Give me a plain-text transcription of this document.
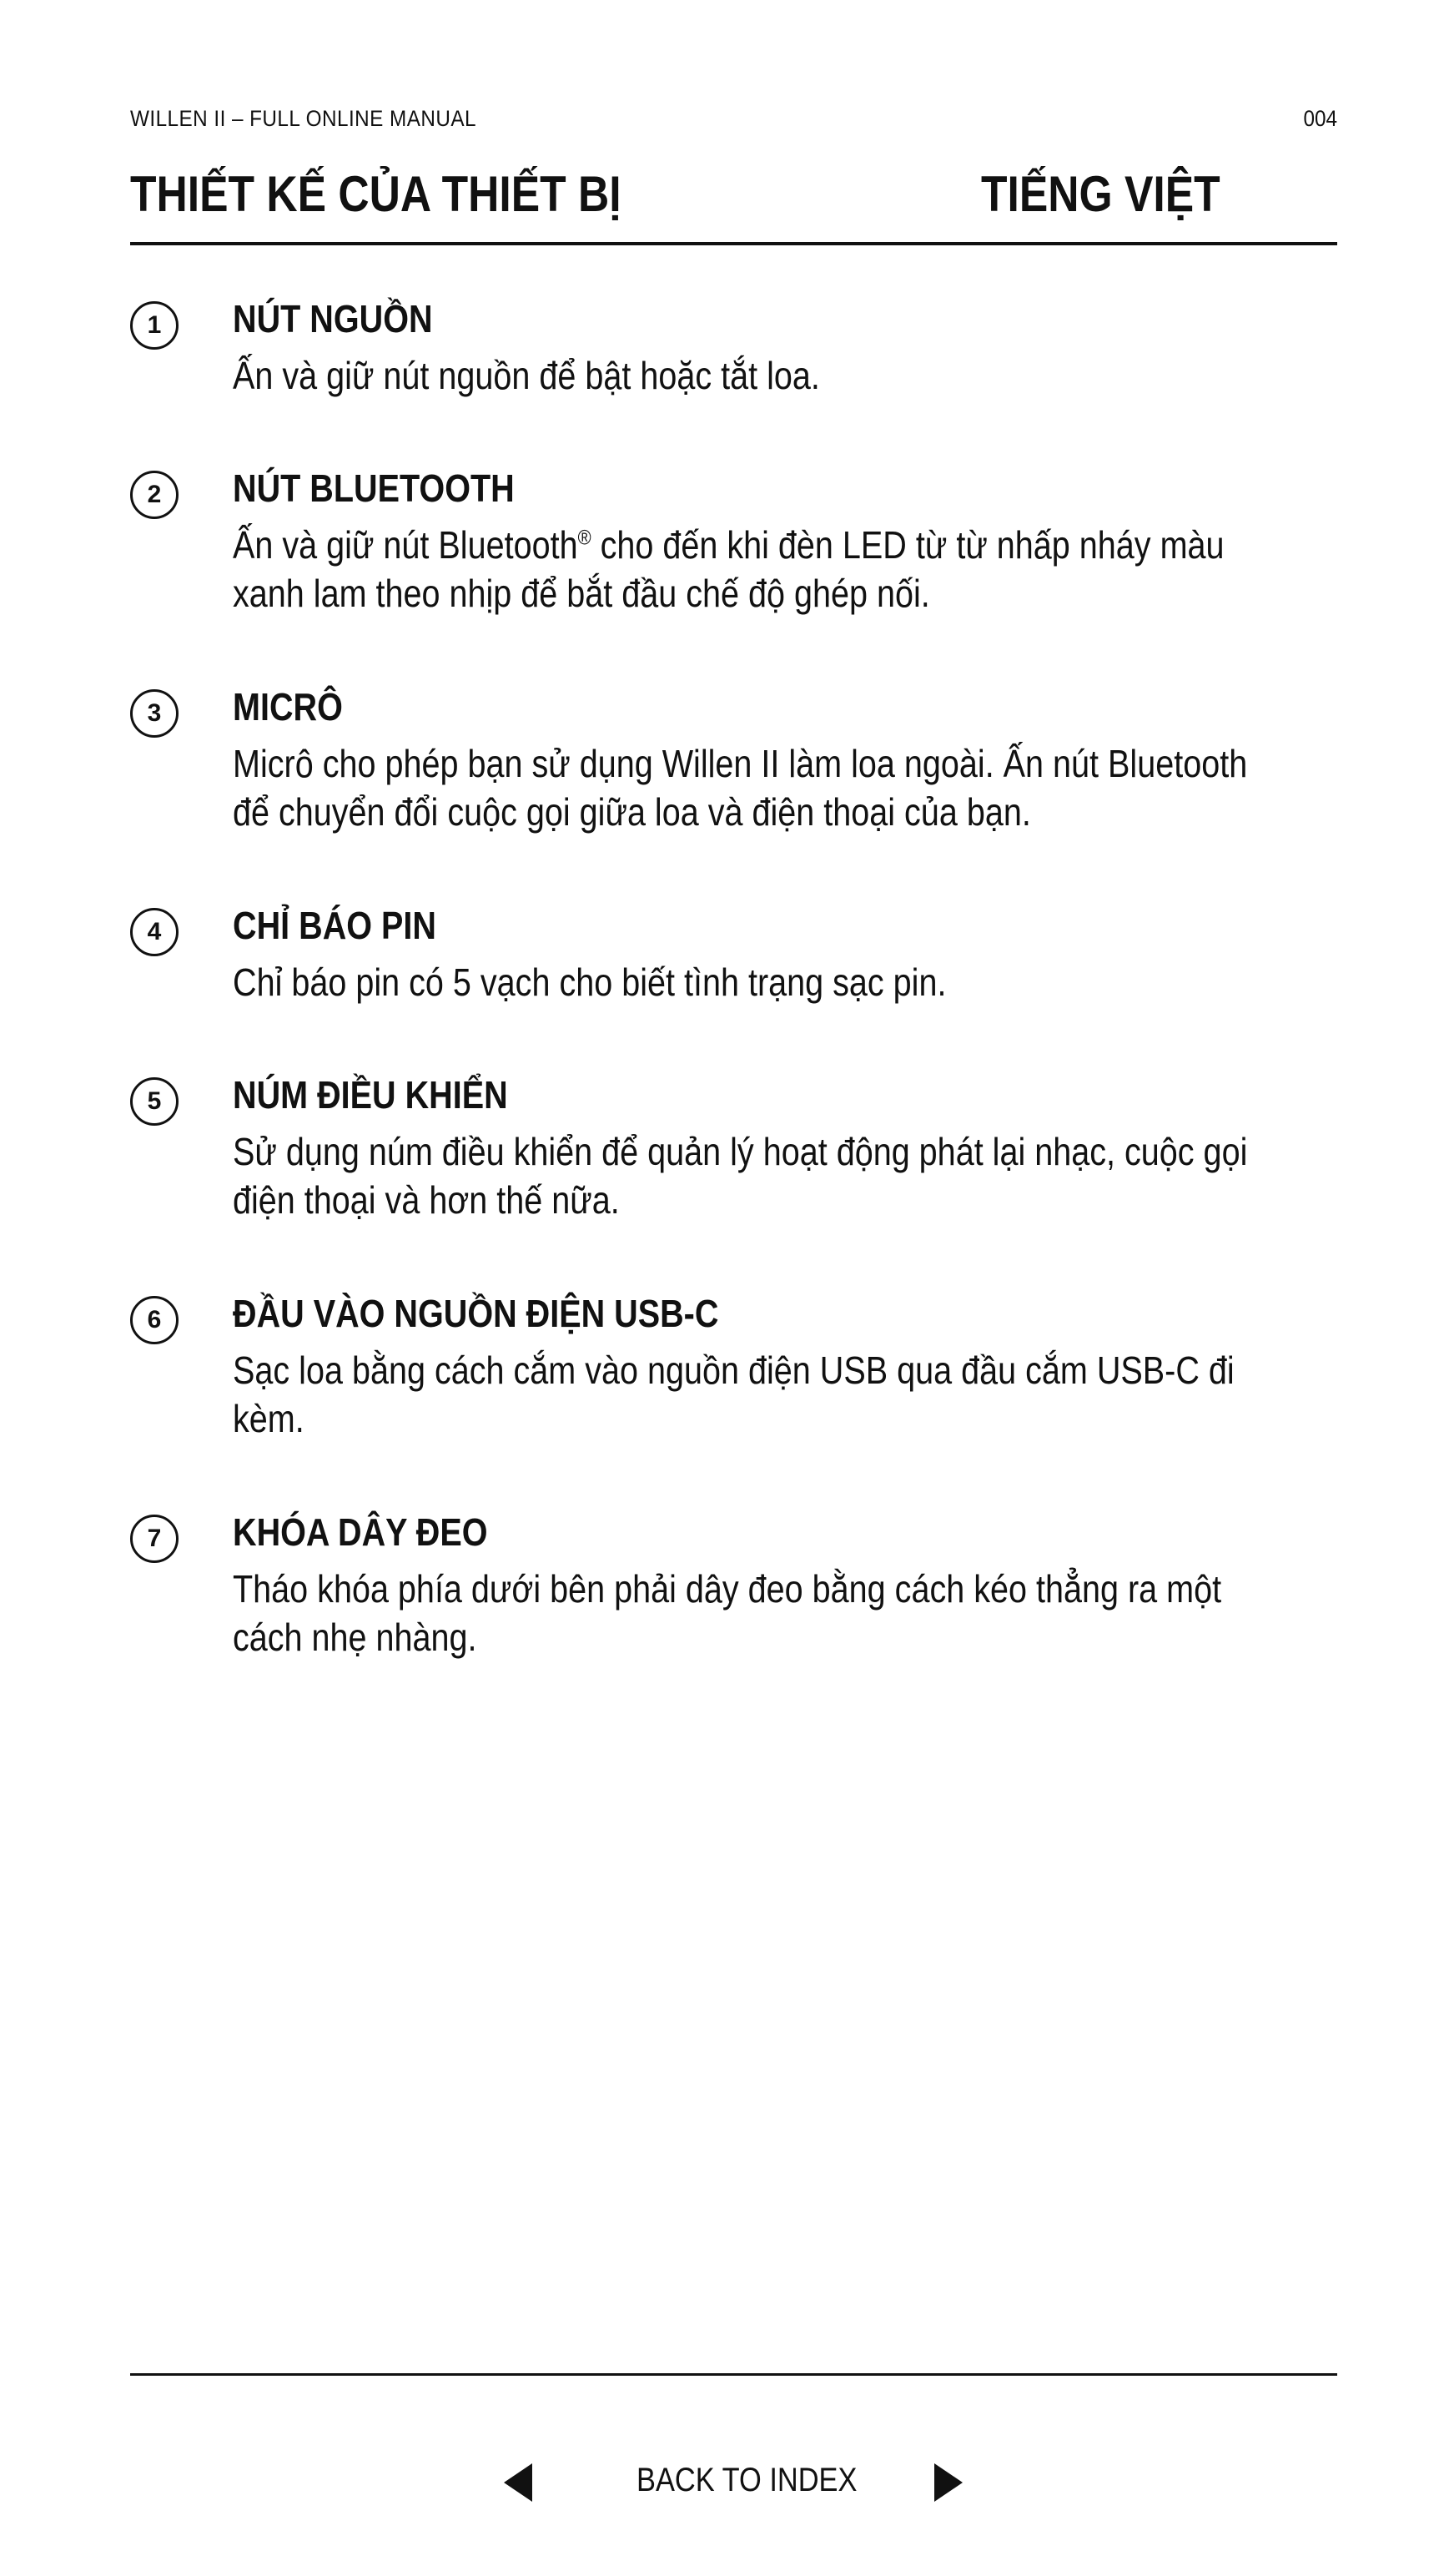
WILLEN II – FULL ONLINE MANUAL	004
THIẾT KẾ CỦA THIẾT BỊ	TIẾNG VIỆT
1	NÚT NGUỒN
Ấn và giữ nút nguồn để bật hoặc tắt loa.
2	NÚT BLUETOOTH
Ấn và giữ nút Bluetooth® cho đến khi đèn LED từ từ nhấp nháy màu
xanh lam theo nhịp để bắt đầu chế độ ghép nối.
3	MICRÔ
Micrô cho phép bạn sử dụng Willen II làm loa ngoài. Ấn nút Bluetooth
để chuyển đổi cuộc gọi giữa loa và điện thoại của bạn.
4	CHỈ BÁO PIN
Chỉ báo pin có 5 vạch cho biết tình trạng sạc pin.
5	NÚM ĐIỀU KHIỂN
Sử dụng núm điều khiển để quản lý hoạt động phát lại nhạc, cuộc gọi
điện thoại và hơn thế nữa.
6	ĐẦU VÀO NGUỒN ĐIỆN USB-C
Sạc loa bằng cách cắm vào nguồn điện USB qua đầu cắm USB-C đi
kèm.
7	KHÓA DÂY ĐEO
Tháo khóa phía dưới bên phải dây đeo bằng cách kéo thẳng ra một
cách nhẹ nhàng.
BACK TO INDEX
